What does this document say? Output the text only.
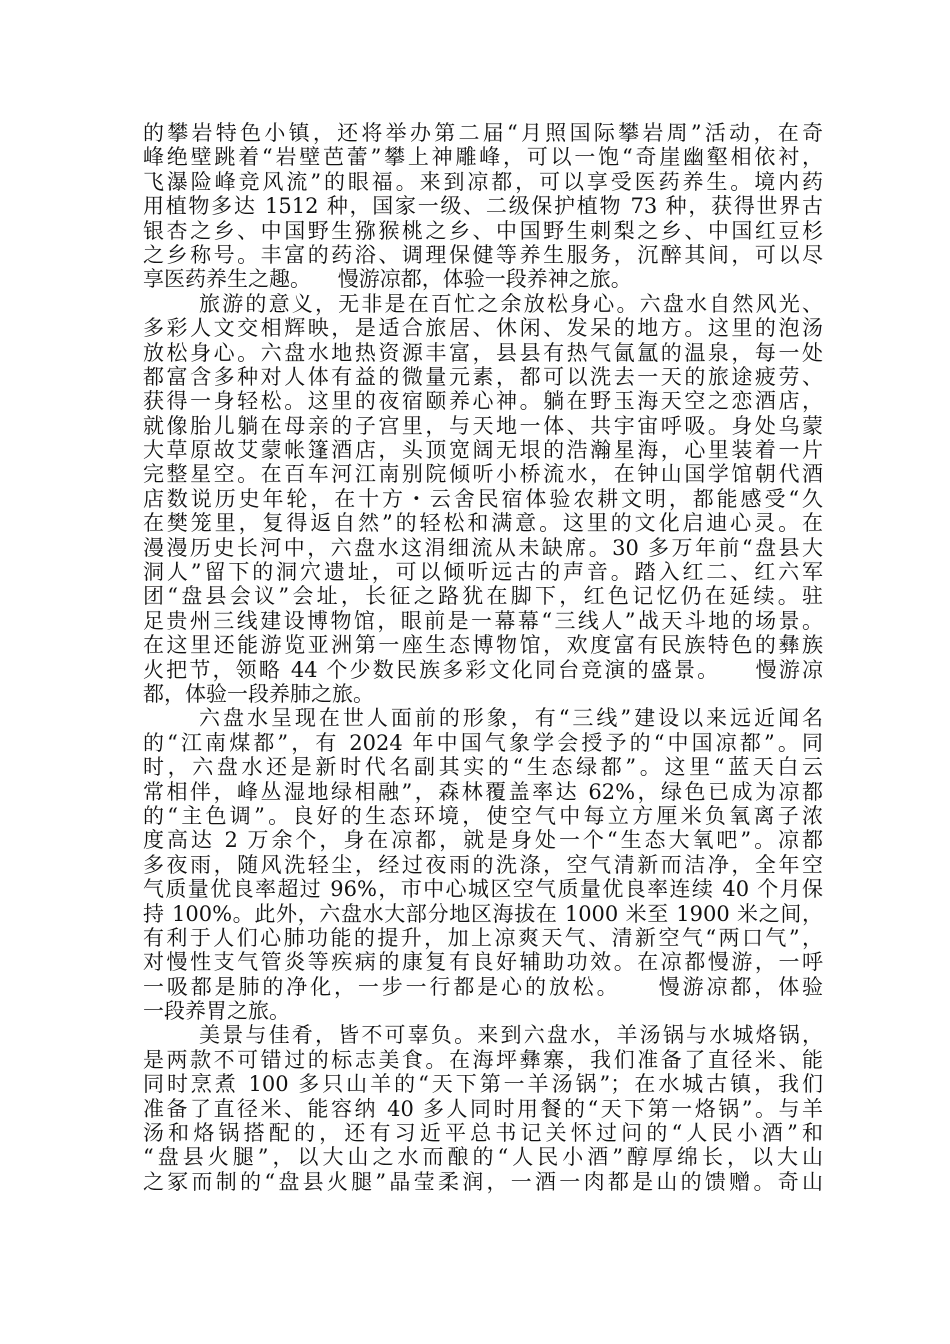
的攀岩特色小镇，还将举办第二届“月照国际攀岩周”活动，在奇
峰绝壁跳着“岩壁芭蕾”攀上神雕峰，可以一饱“奇崖幽壑相依衬，
飞瀑险峰竞风流”的眼福。来到凉都，可以享受医药养生。境内药
用植物多达 1512 种，国家一级、二级保护植物 73 种，获得世界古
银杏之乡、中国野生猕猴桃之乡、中国野生刺梨之乡、中国红豆杉
之乡称号。丰富的药浴、调理保健等养生服务，沉醉其间，可以尽
享医药养生之趣。    慢游凉都，体验一段养神之旅。
旅游的意义，无非是在百忙之余放松身心。六盘水自然风光、
多彩人文交相辉映，是适合旅居、休闲、发呆的地方。这里的泡汤
放松身心。六盘水地热资源丰富，县县有热气氤氲的温泉，每一处
都富含多种对人体有益的微量元素，都可以洗去一天的旅途疲劳、
获得一身轻松。这里的夜宿颐养心神。躺在野玉海天空之恋酒店，
就像胎儿躺在母亲的子宫里，与天地一体、共宇宙呼吸。身处乌蒙
大草原故艾蒙帐篷酒店，头顶宽阔无垠的浩瀚星海，心里装着一片
完整星空。在百车河江南别院倾听小桥流水，在钟山国学馆朝代酒
店数说历史年轮，在十方・云舍民宿体验农耕文明，都能感受“久
在樊笼里，复得返自然”的轻松和满意。这里的文化启迪心灵。在
漫漫历史长河中，六盘水这涓细流从未缺席。30 多万年前“盘县大
洞人”留下的洞穴遗址，可以倾听远古的声音。踏入红二、红六军
团“盘县会议”会址，长征之路犹在脚下，红色记忆仍在延续。驻
足贵州三线建设博物馆，眼前是一幕幕“三线人”战天斗地的场景。
在这里还能游览亚洲第一座生态博物馆，欢度富有民族特色的彝族
火把节，领略 44 个少数民族多彩文化同台竞演的盛景。    慢游凉
都，体验一段养肺之旅。
六盘水呈现在世人面前的形象，有“三线”建设以来远近闻名
的“江南煤都”，有 2024 年中国气象学会授予的“中国凉都”。同
时，六盘水还是新时代名副其实的“生态绿都”。这里“蓝天白云
常相伴，峰丛湿地绿相融”，森林覆盖率达 62%，绿色已成为凉都
的“主色调”。良好的生态环境，使空气中每立方厘米负氧离子浓
度高达 2 万余个，身在凉都，就是身处一个“生态大氧吧”。凉都
多夜雨，随风洗轻尘，经过夜雨的洗涤，空气清新而洁净，全年空
气质量优良率超过 96%，市中心城区空气质量优良率连续 40 个月保
持 100%。此外，六盘水大部分地区海拔在 1000 米至 1900 米之间，
有利于人们心肺功能的提升，加上凉爽天气、清新空气“两口气”，
对慢性支气管炎等疾病的康复有良好辅助功效。在凉都慢游，一呼
一吸都是肺的净化，一步一行都是心的放松。    慢游凉都，体验
一段养胃之旅。
美景与佳肴，皆不可辜负。来到六盘水，羊汤锅与水城烙锅，
是两款不可错过的标志美食。在海坪彝寨，我们准备了直径米、能
同时烹煮 100 多只山羊的“天下第一羊汤锅”；在水城古镇，我们
准备了直径米、能容纳 40 多人同时用餐的“天下第一烙锅”。与羊
汤和烙锅搭配的，还有习近平总书记关怀过问的“人民小酒”和
“盘县火腿”，以大山之水而酿的“人民小酒”醇厚绵长，以大山
之冢而制的“盘县火腿”晶莹柔润，一酒一肉都是山的馈赠。奇山
